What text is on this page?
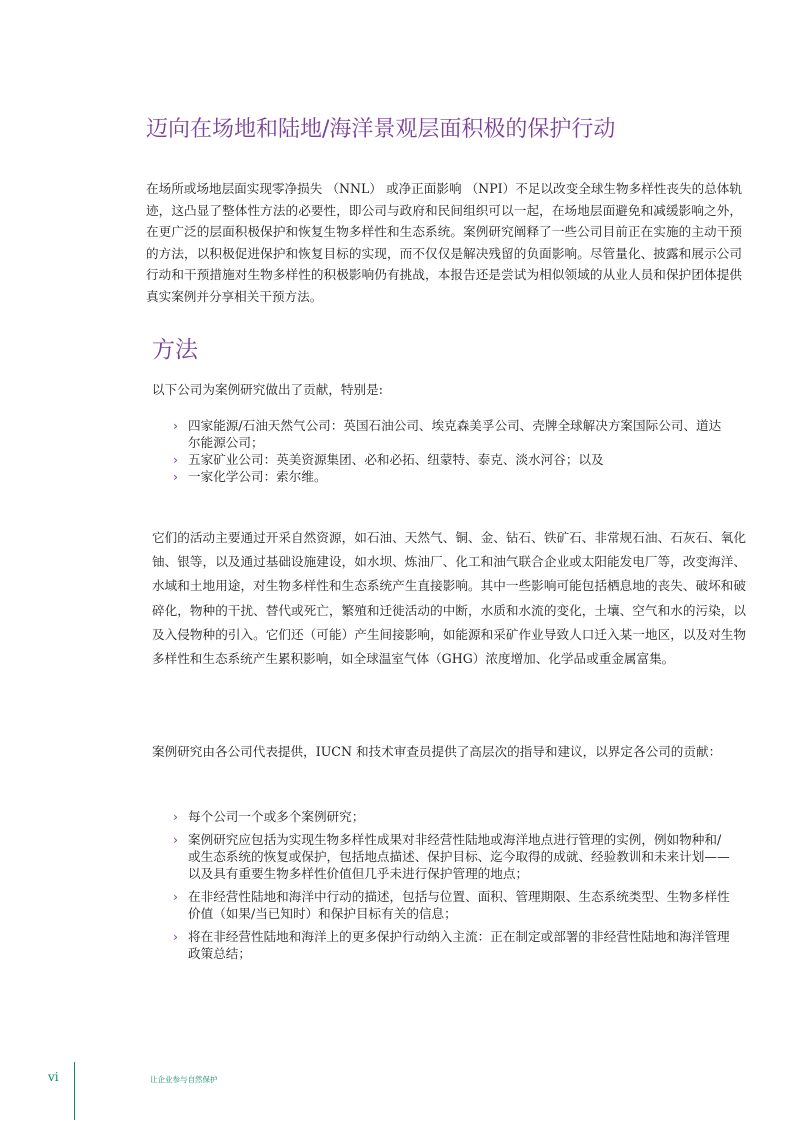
迈向在场地和陆地/海洋景观层面积极的保护行动

在场所或场地层面实现零净损失 （NNL） 或净正面影响 （NPI）不足以改变全球生物多样性丧失的总体轨迹，这凸显了整体性方法的必要性，即公司与政府和民间组织可以一起，在场地层面避免和减缓影响之外，在更广泛的层面积极保护和恢复生物多样性和生态系统。案例研究阐释了一些公司目前正在实施的主动干预的方法，以积极促进保护和恢复目标的实现，而不仅仅是解决残留的负面影响。尽管量化、披露和展示公司行动和干预措施对生物多样性的积极影响仍有挑战，本报告还是尝试为相似领域的从业人员和保护团体提供真实案例并分享相关干预方法。

方法

以下公司为案例研究做出了贡献，特别是:

› 四家能源/石油天然气公司：英国石油公司、埃克森美孚公司、壳牌全球解决方案国际公司、道达尔能源公司；
› 五家矿业公司：英美资源集团、必和必拓、纽蒙特、泰克、淡水河谷；以及
› 一家化学公司：索尔维。

它们的活动主要通过开采自然资源，如石油、天然气、铜、金、钻石、铁矿石、非常规石油、石灰石、氧化铀、银等，以及通过基础设施建设，如水坝、炼油厂、化工和油气联合企业或太阳能发电厂等，改变海洋、水域和土地用途，对生物多样性和生态系统产生直接影响。其中一些影响可能包括栖息地的丧失、破坏和破碎化，物种的干扰、替代或死亡，繁殖和迁徙活动的中断，水质和水流的变化，土壤、空气和水的污染，以及入侵物种的引入。它们还（可能）产生间接影响，如能源和采矿作业导致人口迁入某一地区，以及对生物多样性和生态系统产生累积影响，如全球温室气体（GHG）浓度增加、化学品或重金属富集。

案例研究由各公司代表提供，IUCN 和技术审查员提供了高层次的指导和建议，以界定各公司的贡献：

› 每个公司一个或多个案例研究；
› 案例研究应包括为实现生物多样性成果对非经营性陆地或海洋地点进行管理的实例，例如物种和/或生态系统的恢复或保护，包括地点描述、保护目标、迄今取得的成就、经验教训和未来计划——以及具有重要生物多样性价值但几乎未进行保护管理的地点；
› 在非经营性陆地和海洋中行动的描述，包括与位置、面积、管理期限、生态系统类型、生物多样性价值（如果/当已知时）和保护目标有关的信息；
› 将在非经营性陆地和海洋上的更多保护行动纳入主流：正在制定或部署的非经营性陆地和海洋管理政策总结；
vi	让企业参与自然保护
